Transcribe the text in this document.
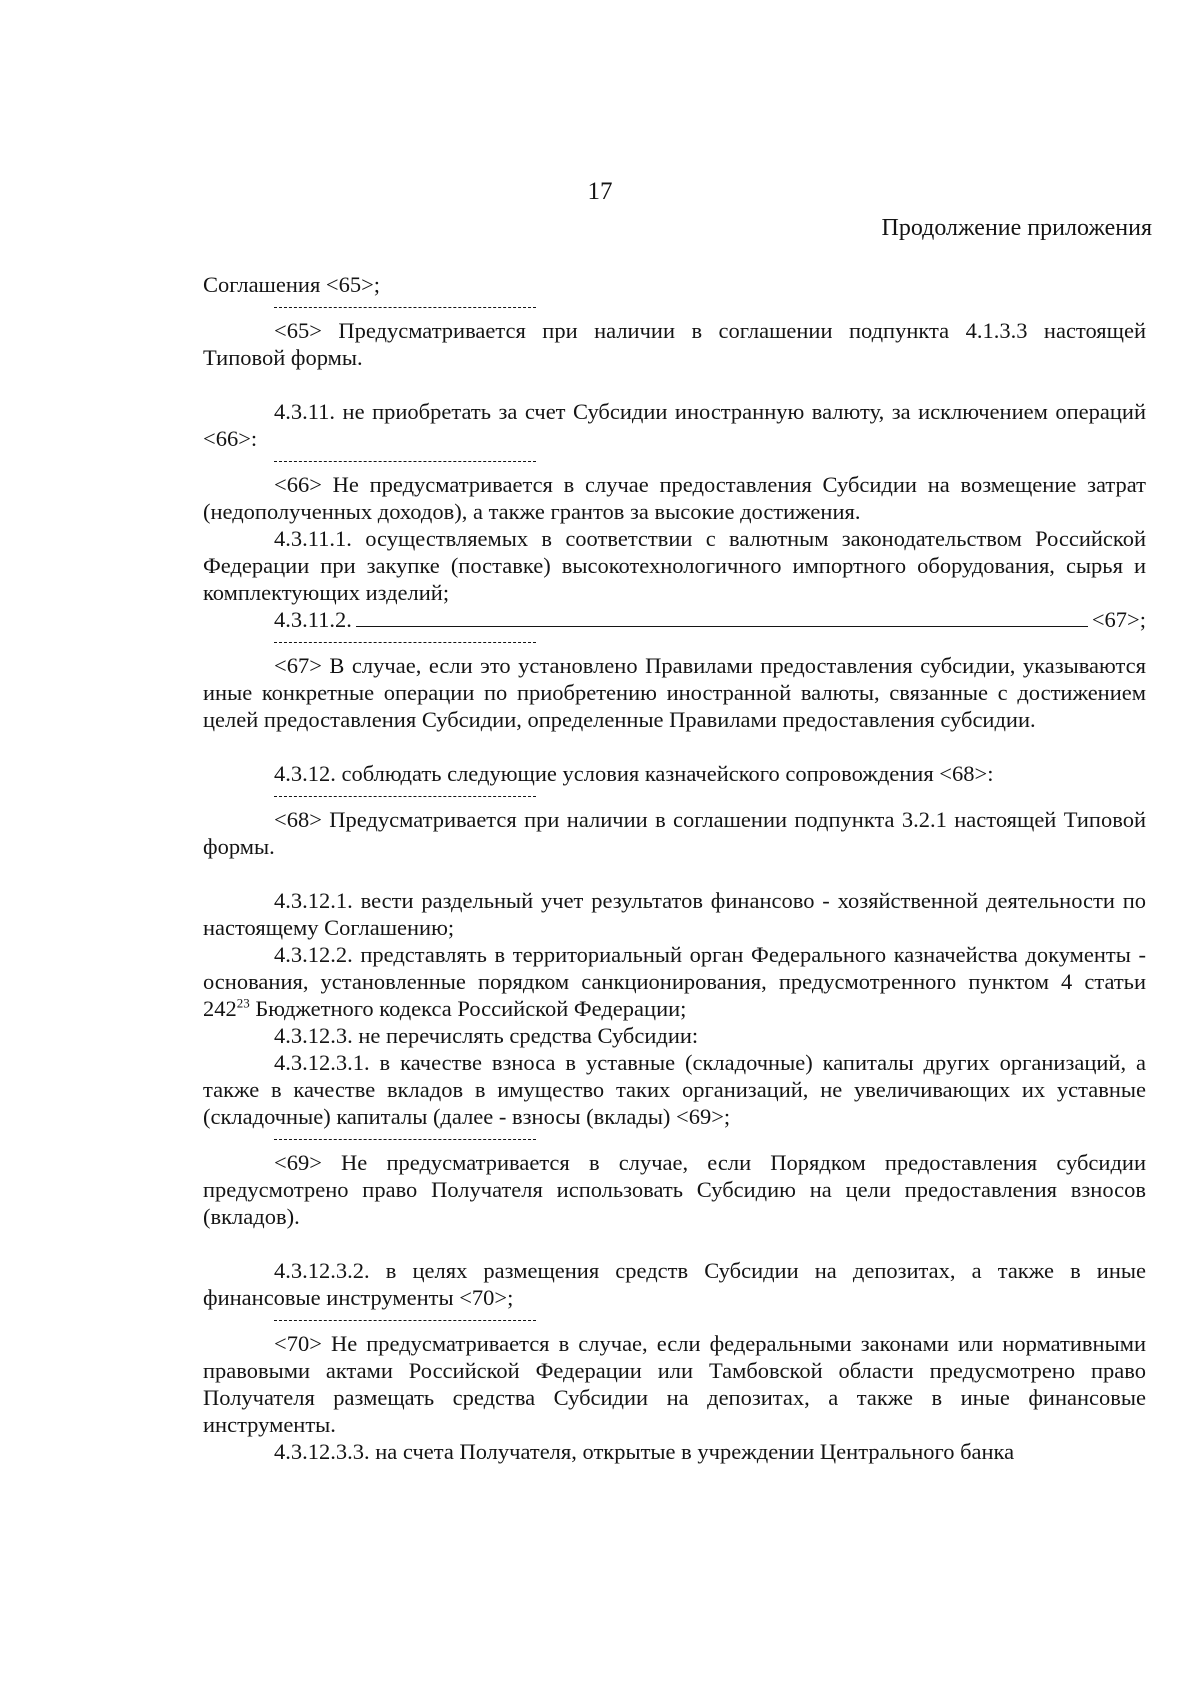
17
Продолжение приложения

Соглашения <65>;

<65> Предусматривается при наличии в соглашении подпункта 4.1.3.3 настоящей Типовой формы.

4.3.11. не приобретать за счет Субсидии иностранную валюту, за исключением операций <66>:

<66> Не предусматривается в случае предоставления Субсидии на возмещение затрат (недополученных доходов), а также грантов за высокие достижения.

4.3.11.1. осуществляемых в соответствии с валютным законодательством Российской Федерации при закупке (поставке) высокотехнологичного импортного оборудования, сырья и комплектующих изделий;

4.3.11.2.	<67>;

<67> В случае, если это установлено Правилами предоставления субсидии, указываются иные конкретные операции по приобретению иностранной валюты, связанные с достижением целей предоставления Субсидии, определенные Правилами предоставления субсидии.

4.3.12. соблюдать следующие условия казначейского сопровождения <68>:

<68> Предусматривается при наличии в соглашении подпункта 3.2.1 настоящей Типовой формы.

4.3.12.1. вести раздельный учет результатов финансово - хозяйственной деятельности по настоящему Соглашению;

4.3.12.2. представлять в территориальный орган Федерального казначейства документы - основания, установленные порядком санкционирования, предусмотренного пунктом 4 статьи $242^{23}$ Бюджетного кодекса Российской Федерации;

4.3.12.3. не перечислять средства Субсидии:

4.3.12.3.1. в качестве взноса в уставные (складочные) капиталы других организаций, а также в качестве вкладов в имущество таких организаций, не увеличивающих их уставные (складочные) капиталы (далее - взносы (вклады) <69>;

<69> Не предусматривается в случае, если Порядком предоставления субсидии предусмотрено право Получателя использовать Субсидию на цели предоставления взносов (вкладов).

4.3.12.3.2. в целях размещения средств Субсидии на депозитах, а также в иные финансовые инструменты <70>;

<70> Не предусматривается в случае, если федеральными законами или нормативными правовыми актами Российской Федерации или Тамбовской области предусмотрено право Получателя размещать средства Субсидии на депозитах, а также в иные финансовые инструменты.

4.3.12.3.3. на счета Получателя, открытые в учреждении Центрального банка
